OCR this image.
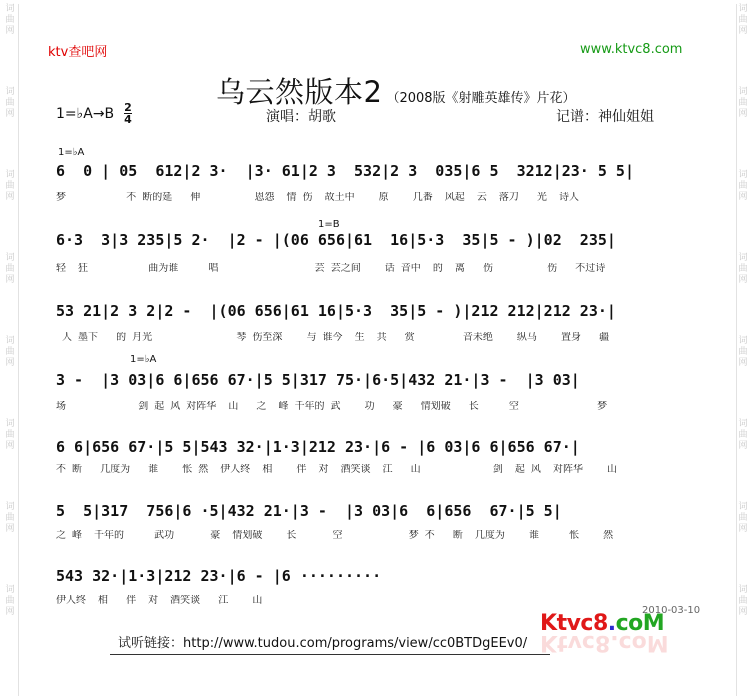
词
曲
网
词
曲
网
词
曲
网
词
曲
网
词
曲
网
词
曲
网
词
曲
网
词
曲
网
词
曲
网
词
曲
网
词
曲
网
词
曲
网
词
曲
网
词
曲
网
词
曲
网
词
曲
网
ktv查吧网	www.ktvc8.com
乌云然版本2 （2008版《射雕英雄传》片花）
1=♭A→B 2
4	演唱：胡歌	记谱：神仙姐姐
1=♭A
1=B
1=♭A
6  0 | 05  612|2 3·  |3· 61|2 3  532|2 3  035|6 5  3212|23· 5 5|
梦          不 断的延   伸         恩怨  情 伤  故土中    原    几番  风起  云  落刀   光  诗人
6·3  3|3 235|5 2·  |2 - |(06 656|61  16|5·3  35|5 - )|02  235|
轻  狂          曲为谁     唱                芸 芸之间    话 音中  的  离   伤         伤   不过诗
53 21|2 3 2|2 -  |(06 656|61 16|5·3  35|5 - )|212 212|212 23·|
人 墨下   的 月光              琴 伤至深    与 谁今  生  共   赏        音未绝    纵马    置身   疆
3 -  |3 03|6 6|656 67·|5 5|317 75·|6·5|432 21·|3 -  |3 03|
场            剑 起 风 对阵华  山   之  峰 千年的 武    功   豪   情划破   长     空             梦
6 6|656 67·|5 5|543 32·|1·3|212 23·|6 - |6 03|6 6|656 67·|
不 断   几度为   谁    怅 然  伊人终  相    伴  对  酒笑谈  江   山            剑  起 风  对阵华    山
5  5|317  756|6 ·5|432 21·|3 -  |3 03|6  6|656  67·|5 5|
之 峰  千年的     武功      豪  情划破    长      空           梦 不   断  几度为    谁     怅    然
543 32·|1·3|212 23·|6 - |6 ·········
伊人终  相   伴  对  酒笑谈   江    山
2010-03-10
试听链接：http://www.tudou.com/programs/view/cc0BTDgEEv0/
Ktvc8.coM
Ktvc8.coM
